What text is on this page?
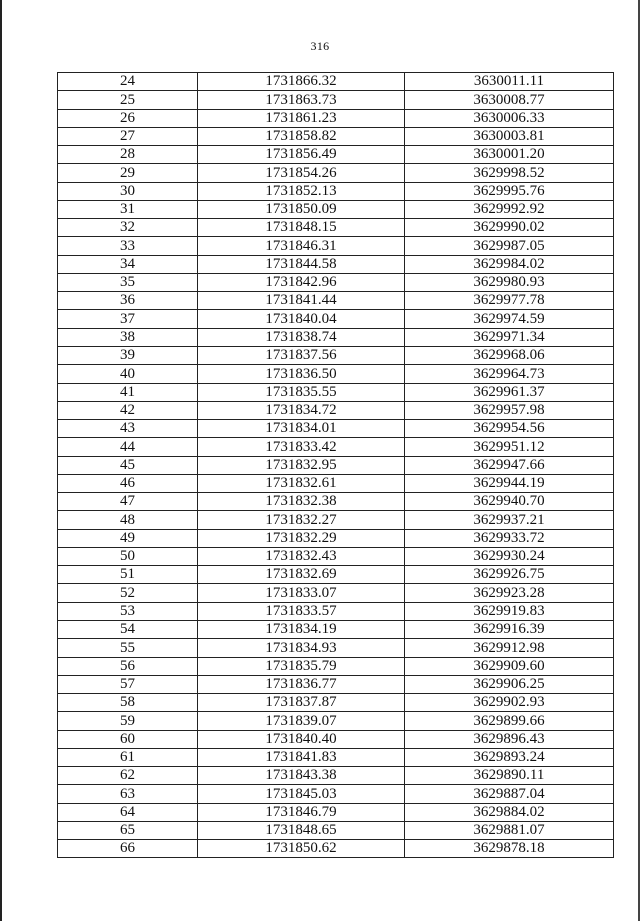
316
24	1731866.32	3630011.11
25	1731863.73	3630008.77
26	1731861.23	3630006.33
27	1731858.82	3630003.81
28	1731856.49	3630001.20
29	1731854.26	3629998.52
30	1731852.13	3629995.76
31	1731850.09	3629992.92
32	1731848.15	3629990.02
33	1731846.31	3629987.05
34	1731844.58	3629984.02
35	1731842.96	3629980.93
36	1731841.44	3629977.78
37	1731840.04	3629974.59
38	1731838.74	3629971.34
39	1731837.56	3629968.06
40	1731836.50	3629964.73
41	1731835.55	3629961.37
42	1731834.72	3629957.98
43	1731834.01	3629954.56
44	1731833.42	3629951.12
45	1731832.95	3629947.66
46	1731832.61	3629944.19
47	1731832.38	3629940.70
48	1731832.27	3629937.21
49	1731832.29	3629933.72
50	1731832.43	3629930.24
51	1731832.69	3629926.75
52	1731833.07	3629923.28
53	1731833.57	3629919.83
54	1731834.19	3629916.39
55	1731834.93	3629912.98
56	1731835.79	3629909.60
57	1731836.77	3629906.25
58	1731837.87	3629902.93
59	1731839.07	3629899.66
60	1731840.40	3629896.43
61	1731841.83	3629893.24
62	1731843.38	3629890.11
63	1731845.03	3629887.04
64	1731846.79	3629884.02
65	1731848.65	3629881.07
66	1731850.62	3629878.18
